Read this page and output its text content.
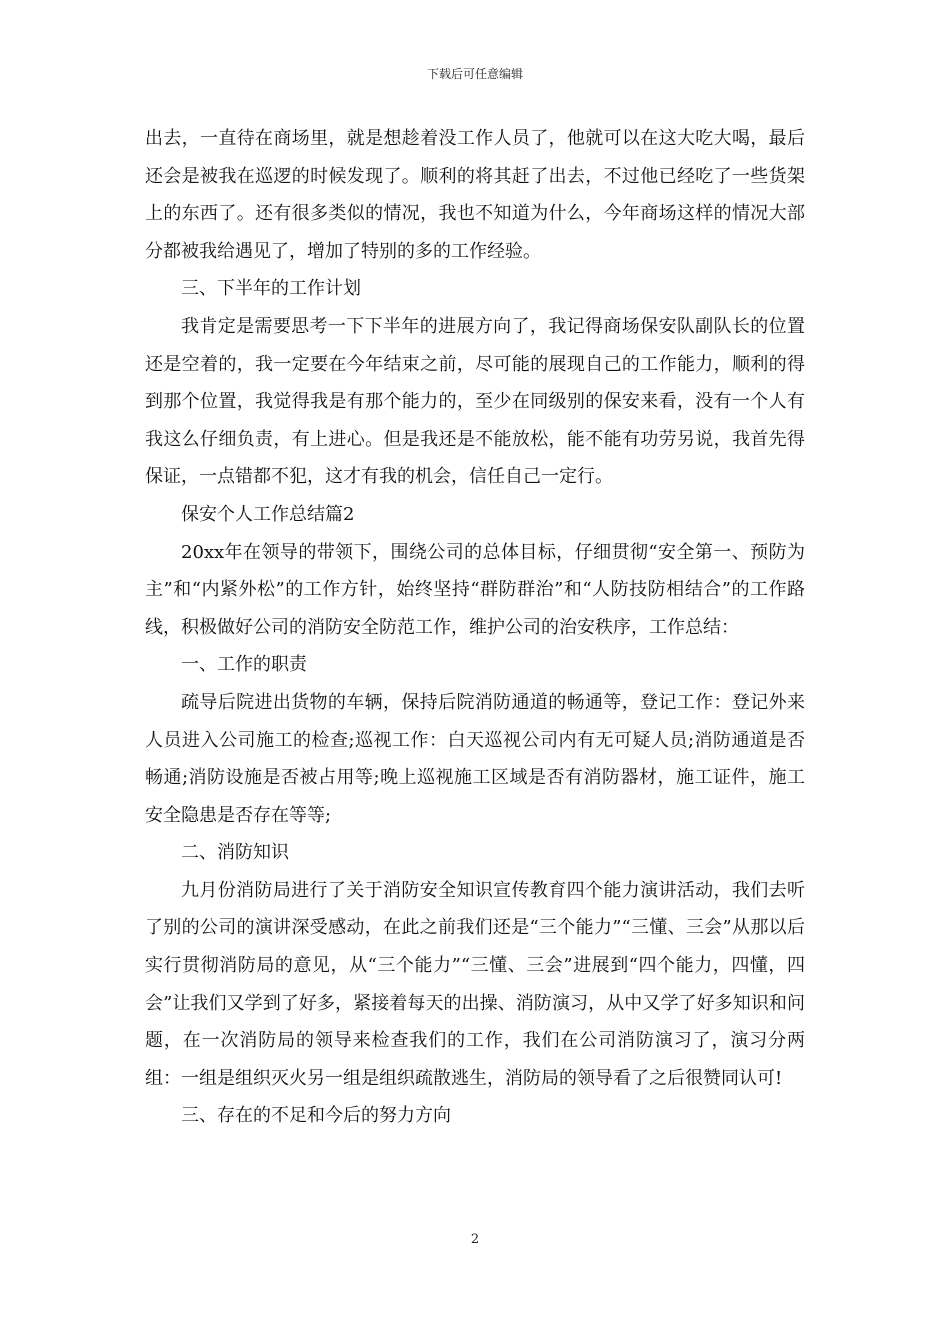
下载后可任意编辑

出去，一直待在商场里，就是想趁着没工作人员了，他就可以在这大吃大喝，最后还会是被我在巡逻的时候发现了。顺利的将其赶了出去，不过他已经吃了一些货架上的东西了。还有很多类似的情况，我也不知道为什么，今年商场这样的情况大部分都被我给遇见了，增加了特别的多的工作经验。

三、下半年的工作计划

我肯定是需要思考一下下半年的进展方向了，我记得商场保安队副队长的位置还是空着的，我一定要在今年结束之前，尽可能的展现自己的工作能力，顺利的得到那个位置，我觉得我是有那个能力的，至少在同级别的保安来看，没有一个人有我这么仔细负责，有上进心。但是我还是不能放松，能不能有功劳另说，我首先得保证，一点错都不犯，这才有我的机会，信任自己一定行。

保安个人工作总结篇2

20xx年在领导的带领下，围绕公司的总体目标，仔细贯彻“安全第一、预防为主”和“内紧外松”的工作方针，始终坚持“群防群治”和“人防技防相结合”的工作路线，积极做好公司的消防安全防范工作，维护公司的治安秩序，工作总结：

一、工作的职责

疏导后院进出货物的车辆，保持后院消防通道的畅通等，登记工作：登记外来人员进入公司施工的检查;巡视工作：白天巡视公司内有无可疑人员;消防通道是否畅通;消防设施是否被占用等;晚上巡视施工区域是否有消防器材，施工证件，施工安全隐患是否存在等等;

二、消防知识

九月份消防局进行了关于消防安全知识宣传教育四个能力演讲活动，我们去听了别的公司的演讲深受感动，在此之前我们还是“三个能力”“三懂、三会”从那以后实行贯彻消防局的意见，从“三个能力”“三懂、三会”进展到“四个能力，四懂，四会”让我们又学到了好多，紧接着每天的出操、消防演习，从中又学了好多知识和问题，在一次消防局的领导来检查我们的工作，我们在公司消防演习了，演习分两组：一组是组织灭火另一组是组织疏散逃生，消防局的领导看了之后很赞同认可!

三、存在的不足和今后的努力方向

2
